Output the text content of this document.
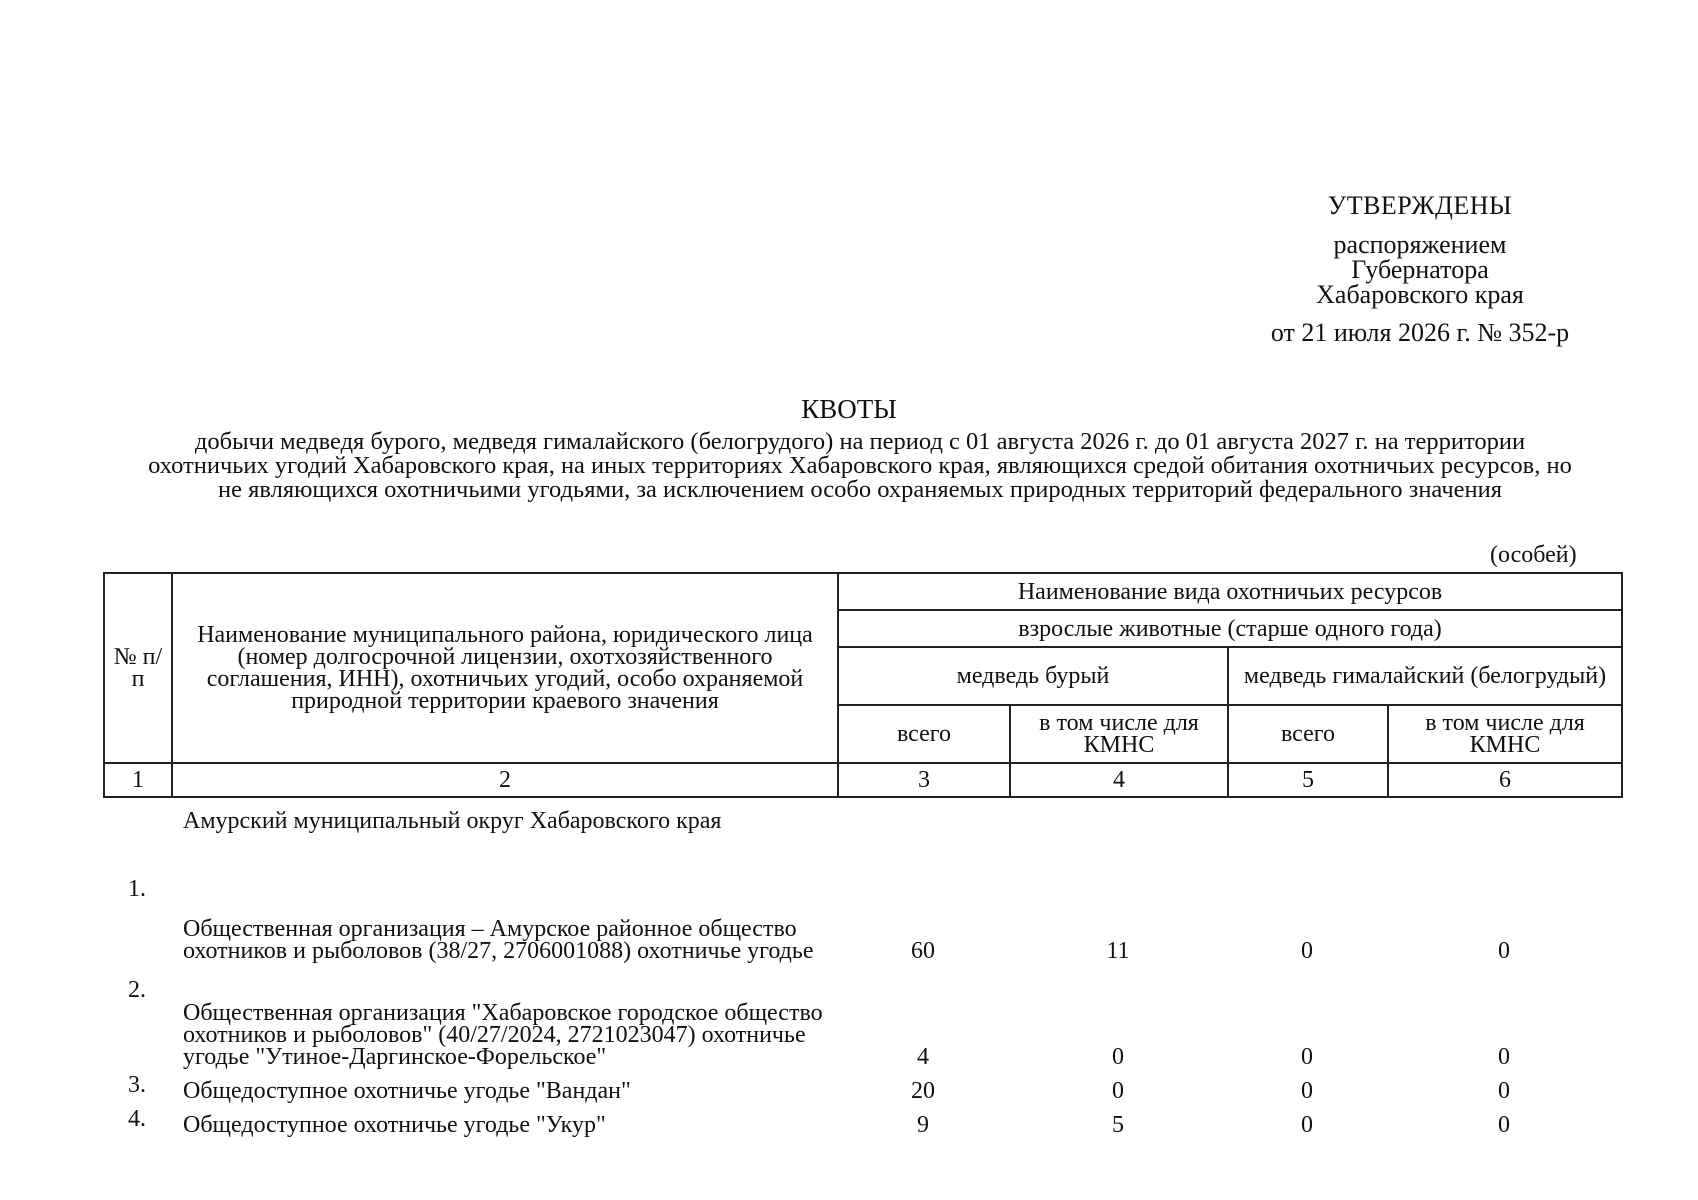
УТВЕРЖДЕНЫ
распоряжением
Губернатора
Хабаровского края
от 21 июля 2026 г. № 352-р
КВОТЫ
добычи медведя бурого, медведя гималайского (белогрудого) на период с 01 августа 2026 г. до 01 августа 2027 г. на территории охотничьих угодий Хабаровского края, на иных территориях Хабаровского края, являющихся средой обитания охотничьих ресурсов, но не являющихся охотничьими угодьями, за исключением особо охраняемых природных территорий федерального значения
(особей)
№ п/п	Наименование муниципального района, юридического лица (номер долгосрочной лицензии, охотхозяйственного соглашения, ИНН), охотничьих угодий, особо охраняемой природной территории краевого значения	Наименование вида охотничьих ресурсов			
		взрослые животные (старше одного года)			
		медведь бурый		медведь гималайский (белогрудый)	
		всего	в том числе для КМНС	всего	в том числе для КМНС
1	2	3	4	5	6
	Амурский муниципальный округ Хабаровского края				
1.	Общественная организация – Амурское районное общество охотников и рыболовов (38/27, 2706001088) охотничье угодье	60	11	0	0
2.	Общественная организация "Хабаровское городское общество охотников и рыболовов" (40/27/2024, 2721023047) охотничье угодье "Утиное-Даргинское-Форельское"	4	0	0	0
3.	Общедоступное охотничье угодье "Вандан"	20	0	0	0
4.	Общедоступное охотничье угодье "Укур"	9	5	0	0
